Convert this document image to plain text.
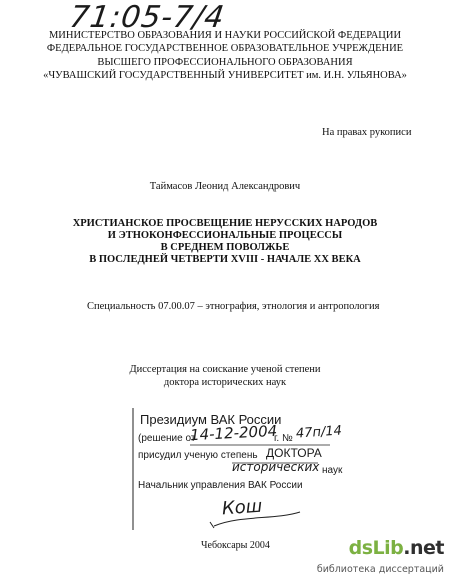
71:05-7/4
МИНИСТЕРСТВО ОБРАЗОВАНИЯ И НАУКИ РОССИЙСКОЙ ФЕДЕРАЦИИ
ФЕДЕРАЛЬНОЕ ГОСУДАРСТВЕННОЕ ОБРАЗОВАТЕЛЬНОЕ УЧРЕЖДЕНИЕ
ВЫСШЕГО ПРОФЕССИОНАЛЬНОГО ОБРАЗОВАНИЯ
«ЧУВАШСКИЙ ГОСУДАРСТВЕННЫЙ УНИВЕРСИТЕТ им. И.Н. УЛЬЯНОВА»
На правах рукописи
Таймасов Леонид Александрович
ХРИСТИАНСКОЕ ПРОСВЕЩЕНИЕ НЕРУССКИХ НАРОДОВ
И ЭТНОКОНФЕССИОНАЛЬНЫЕ ПРОЦЕССЫ
В СРЕДНЕМ ПОВОЛЖЬЕ
В ПОСЛЕДНЕЙ ЧЕТВЕРТИ XVIII - НАЧАЛЕ XX ВЕКА
Специальность 07.00.07 – этнография, этнология и антропология
Диссертация на соискание ученой степени
доктора исторических наук
Президиум ВАК России
(решение от
14-12-2004
г. № 47п/14
присудил ученую степень ДОКТОРА
исторических наук
Начальник управления ВАК России
Кош
Чебоксары 2004	dsLib.net
библиотека диссертаций
